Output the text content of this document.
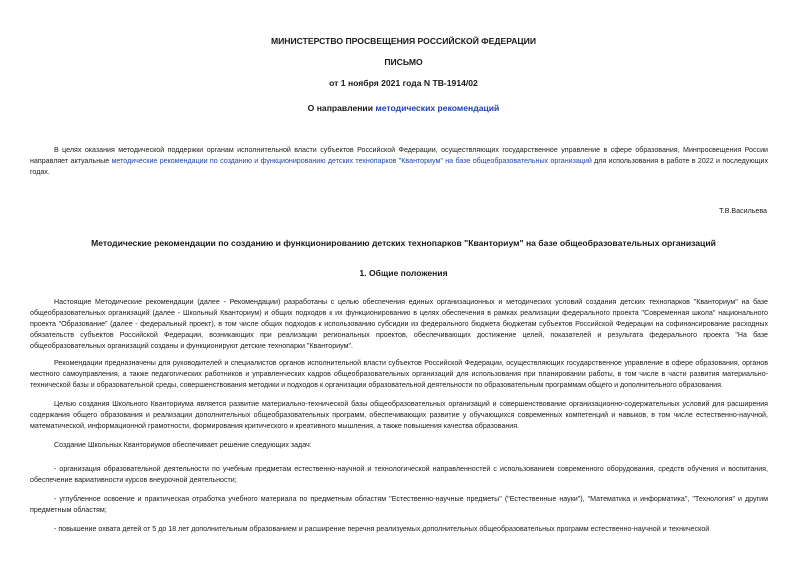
МИНИСТЕРСТВО ПРОСВЕЩЕНИЯ РОССИЙСКОЙ ФЕДЕРАЦИИ
ПИСЬМО
от 1 ноября 2021 года N ТВ-1914/02
О направлении методических рекомендаций

В целях оказания методической поддержки органам исполнительной власти субъектов Российской Федерации, осуществляющих государственное управление в сфере образования, Минпросвещения России направляет актуальные методические рекомендации по созданию и функционированию детских технопарков "Кванториум" на базе общеобразовательных организаций для использования в работе в 2022 и последующих годах.

Т.В.Васильева
Методические рекомендации по созданию и функционированию детских технопарков "Кванториум" на базе общеобразовательных организаций
1. Общие положения

Настоящие Методические рекомендации (далее - Рекомендации) разработаны с целью обеспечения единых организационных и методических условий создания детских технопарков "Кванториум" на базе общеобразовательных организаций (далее - Школьный Кванториум) и общих подходов к их функционированию в целях обеспечения в рамках реализации федерального проекта "Современная школа" национального проекта "Образование" (далее - федеральный проект), в том числе общих подходов к использованию субсидии из федерального бюджета бюджетам субъектов Российской Федерации на софинансирование расходных обязательств субъектов Российской Федерации, возникающих при реализации региональных проектов, обеспечивающих достижение целей, показателей и результата федерального проекта "На базе общеобразовательных организаций созданы и функционируют детские технопарки "Кванториум".

Рекомендации предназначены для руководителей и специалистов органов исполнительной власти субъектов Российской Федерации, осуществляющих государственное управление в сфере образования, органов местного самоуправления, а также педагогических работников и управленческих кадров общеобразовательных организаций для использования при планировании работы, в том числе в части развития материально-технической базы и образовательной среды, совершенствования методики и подходов к организации образовательной деятельности по образовательным программам общего и дополнительного образования.

Целью создания Школьного Кванториума является развитие материально-технической базы общеобразовательных организаций и совершенствование организационно-содержательных условий для расширения содержания общего образования и реализации дополнительных общеобразовательных программ, обеспечивающих развитие у обучающихся современных компетенций и навыков, в том числе естественно-научной, математической, информационной грамотности, формирования критического и креативного мышления, а также повышения качества образования.

Создание Школьных Кванториумов обеспечивает решение следующих задач:

- организация образовательной деятельности по учебным предметам естественно-научной и технологической направленностей с использованием современного оборудования, средств обучения и воспитания, обеспечение вариативности курсов внеурочной деятельности;

- углубленное освоение и практическая отработка учебного материала по предметным областям "Естественно-научные предметы" ("Естественные науки"), "Математика и информатика", "Технология" и другим предметным областям;

- повышение охвата детей от 5 до 18 лет дополнительным образованием и расширение перечня реализуемых дополнительных общеобразовательных программ естественно-научной и технической
